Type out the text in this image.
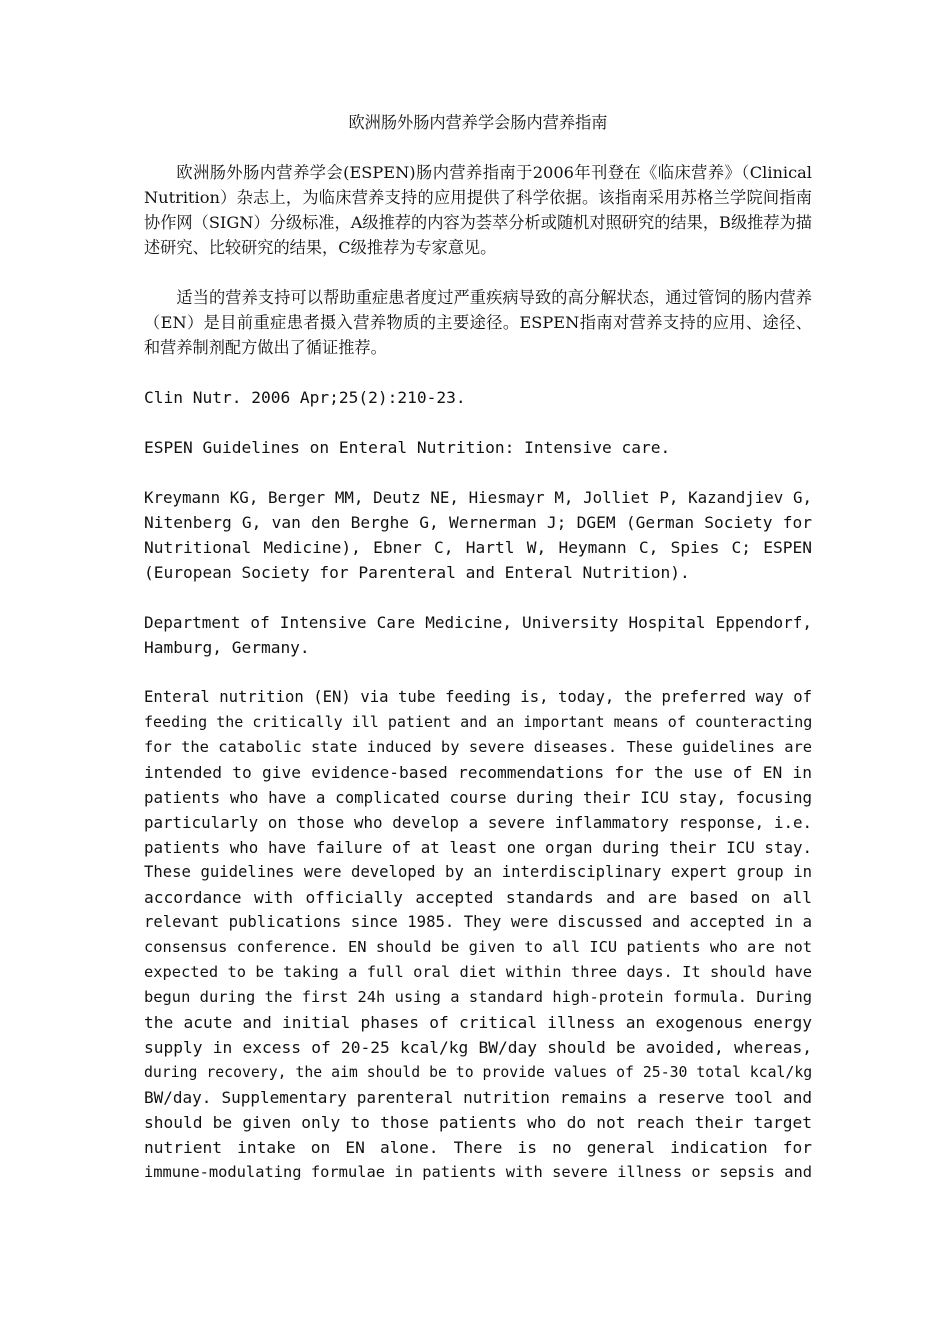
欧洲肠外肠内营养学会肠内营养指南

欧洲肠外肠内营养学会(ESPEN)肠内营养指南于2006年刊登在《临床营养》（Clinical Nutrition）杂志上，为临床营养支持的应用提供了科学依据。该指南采用苏格兰学院间指南协作网（SIGN）分级标准，A级推荐的内容为荟萃分析或随机对照研究的结果，B级推荐为描述研究、比较研究的结果，C级推荐为专家意见。

适当的营养支持可以帮助重症患者度过严重疾病导致的高分解状态，通过管饲的肠内营养（EN）是目前重症患者摄入营养物质的主要途径。ESPEN指南对营养支持的应用、途径、和营养制剂配方做出了循证推荐。

Clin Nutr. 2006 Apr;25(2):210-23.

ESPEN Guidelines on Enteral Nutrition: Intensive care.

Kreymann KG, Berger MM, Deutz NE, Hiesmayr M, Jolliet P, Kazandjiev G,
Nitenberg G, van den Berghe G, Wernerman J; DGEM (German Society for
Nutritional Medicine), Ebner C, Hartl W, Heymann C, Spies C; ESPEN
(European Society for Parenteral and Enteral Nutrition).
Department of Intensive Care Medicine, University Hospital Eppendorf,
Hamburg, Germany.
Enteral nutrition (EN) via tube feeding is, today, the preferred way of
feeding the critically ill patient and an important means of counteracting
for the catabolic state induced by severe diseases. These guidelines are
intended to give evidence-based recommendations for the use of EN in
patients who have a complicated course during their ICU stay, focusing
particularly on those who develop a severe inflammatory response, i.e.
patients who have failure of at least one organ during their ICU stay.
These guidelines were developed by an interdisciplinary expert group in
accordance with officially accepted standards and are based on all
relevant publications since 1985. They were discussed and accepted in a
consensus conference. EN should be given to all ICU patients who are not
expected to be taking a full oral diet within three days. It should have
begun during the first 24h using a standard high-protein formula. During
the acute and initial phases of critical illness an exogenous energy
supply in excess of 20-25 kcal/kg BW/day should be avoided, whereas,
during recovery, the aim should be to provide values of 25-30 total kcal/kg
BW/day. Supplementary parenteral nutrition remains a reserve tool and
should be given only to those patients who do not reach their target
nutrient intake on EN alone. There is no general indication for
immune-modulating formulae in patients with severe illness or sepsis and
